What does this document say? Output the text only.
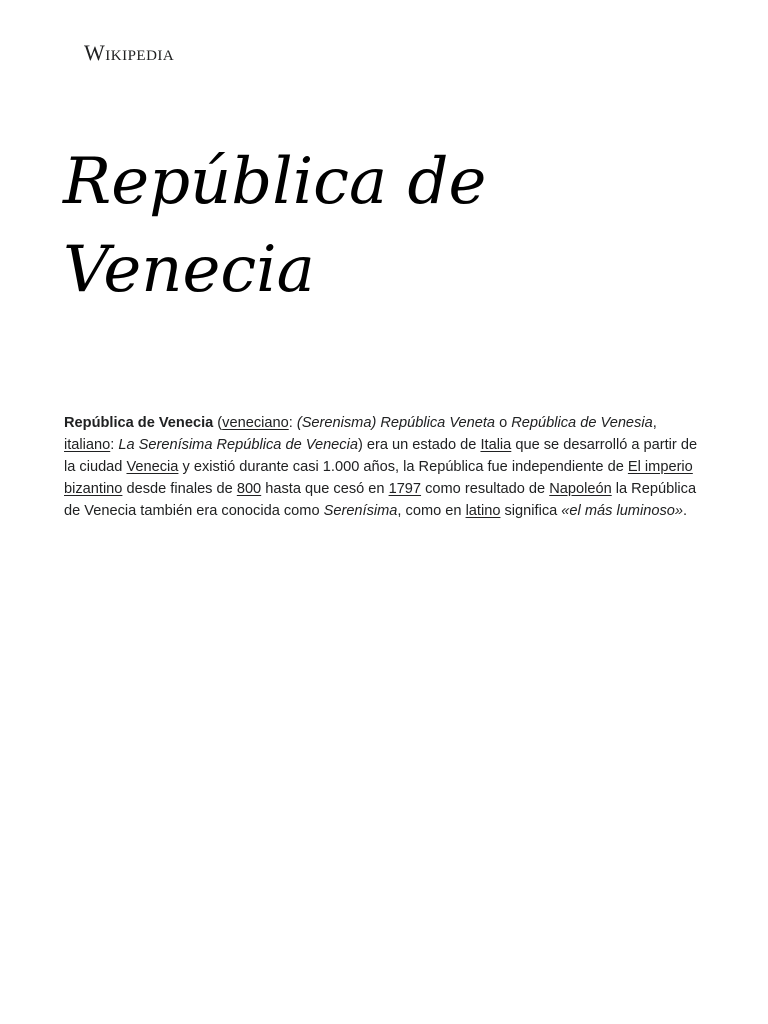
Wikipedia
República de Venecia

República de Venecia (veneciano: (Serenisma) República Veneta o República de Venesia, italiano: La Serenísima República de Venecia) era un estado de Italia que se desarrolló a partir de la ciudad Venecia y existió durante casi 1.000 años, la República fue independiente de El imperio bizantino desde finales de 800 hasta que cesó en 1797 como resultado de Napoleón la República de Venecia también era conocida como Serenísima, como en latino significa «el más luminoso».
